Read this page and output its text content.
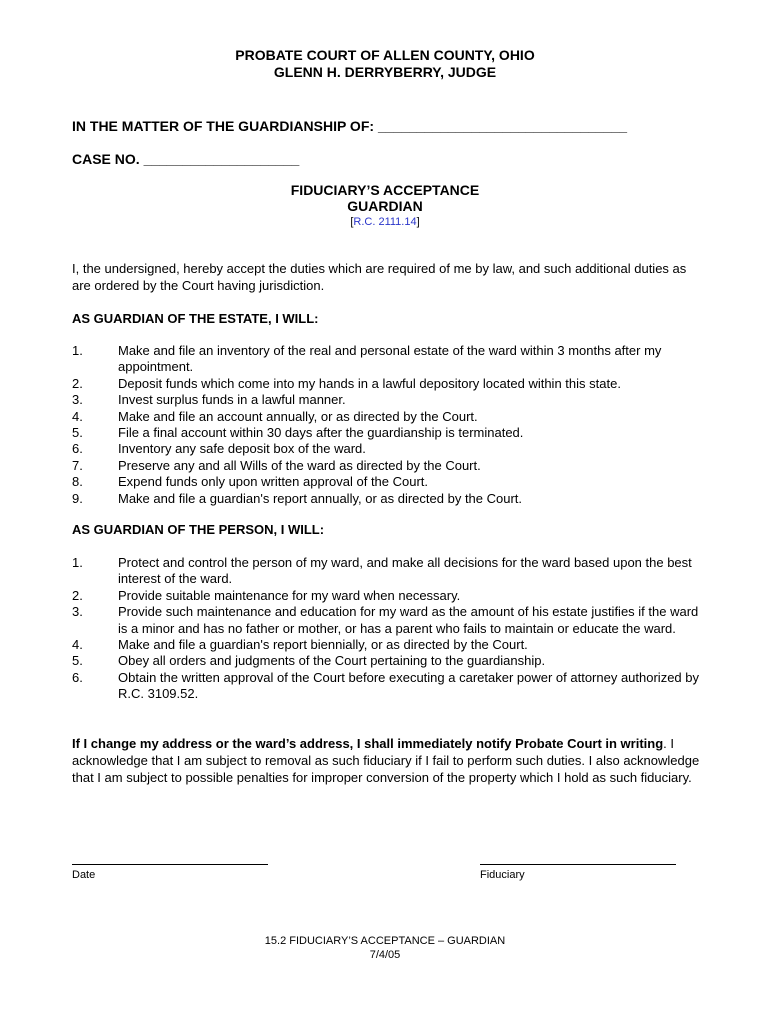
PROBATE COURT OF ALLEN COUNTY, OHIO
GLENN H. DERRYBERRY, JUDGE
IN THE MATTER OF THE GUARDIANSHIP OF: ________________________________
CASE NO. ____________________
FIDUCIARY’S ACCEPTANCE
GUARDIAN
[R.C. 2111.14]
I, the undersigned, hereby accept the duties which are required of me by law, and such additional duties as are ordered by the Court having jurisdiction.
AS GUARDIAN OF THE ESTATE, I WILL:
1.	Make and file an inventory of the real and personal estate of the ward within 3 months after my appointment.
2.	Deposit funds which come into my hands in a lawful depository located within this state.
3.	Invest surplus funds in a lawful manner.
4.	Make and file an account annually, or as directed by the Court.
5.	File a final account within 30 days after the guardianship is terminated.
6.	Inventory any safe deposit box of the ward.
7.	Preserve any and all Wills of the ward as directed by the Court.
8.	Expend funds only upon written approval of the Court.
9.	Make and file a guardian's report annually, or as directed by the Court.
AS GUARDIAN OF THE PERSON, I WILL:
1.	Protect and control the person of my ward, and make all decisions for the ward based upon the best interest of the ward.
2.	Provide suitable maintenance for my ward when necessary.
3.	Provide such maintenance and education for my ward as the amount of his estate justifies if the ward is a minor and has no father or mother, or has a parent who fails to maintain or educate the ward.
4.	Make and file a guardian's report biennially, or as directed by the Court.
5.	Obey all orders and judgments of the Court pertaining to the guardianship.
6.	Obtain the written approval of the Court before executing a caretaker power of attorney authorized by R.C. 3109.52.
If I change my address or the ward’s address, I shall immediately notify Probate Court in writing. I acknowledge that I am subject to removal as such fiduciary if I fail to perform such duties. I also acknowledge that I am subject to possible penalties for improper conversion of the property which I hold as such fiduciary.
Date	Fiduciary
15.2 FIDUCIARY’S ACCEPTANCE – GUARDIAN
7/4/05
